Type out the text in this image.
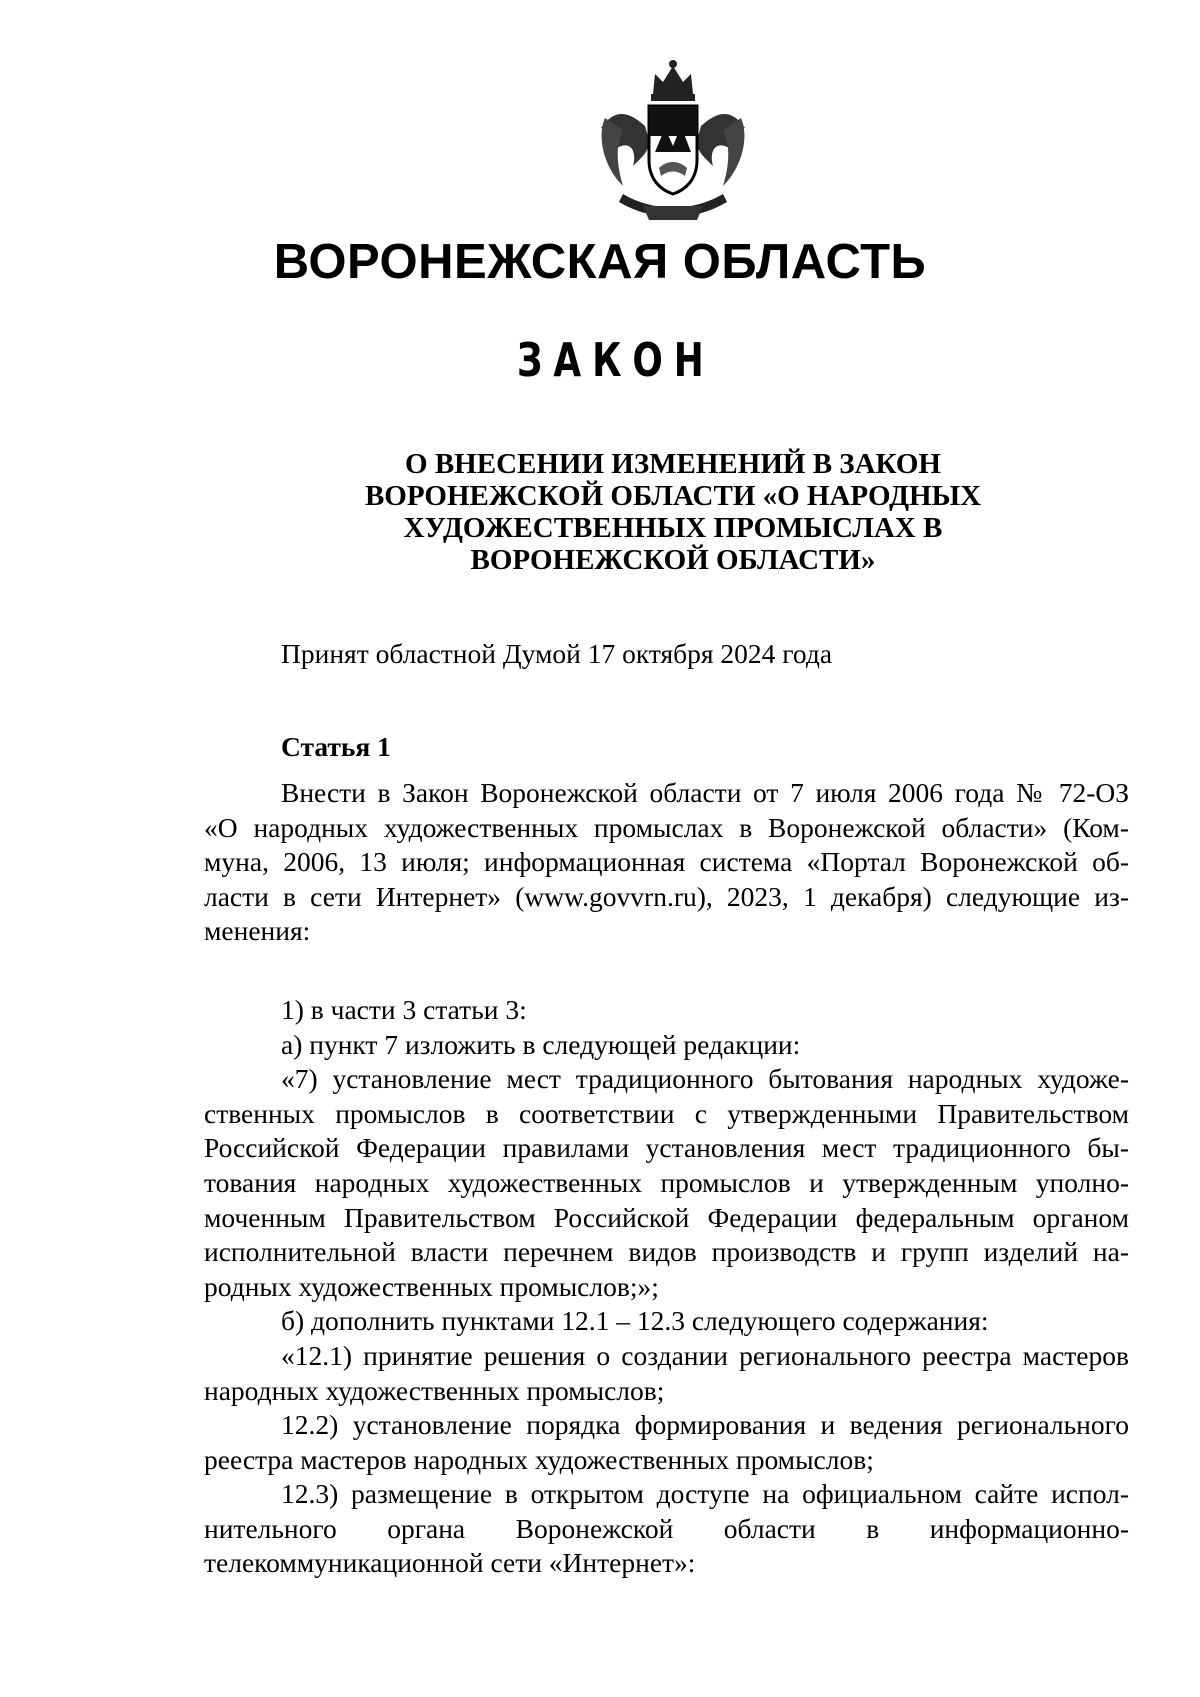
ВОРОНЕЖСКАЯ ОБЛАСТЬ
ЗАКОН
О ВНЕСЕНИИ ИЗМЕНЕНИЙ В ЗАКОН
ВОРОНЕЖСКОЙ ОБЛАСТИ «О НАРОДНЫХ
ХУДОЖЕСТВЕННЫХ ПРОМЫСЛАХ В
ВОРОНЕЖСКОЙ ОБЛАСТИ»
Принят областной Думой 17 октября 2024 года
Статья 1
Внести в Закон Воронежской области от 7 июля 2006 года № 72-ОЗ
«О народных художественных промыслах в Воронежской области» (Ком-
муна, 2006, 13 июля; информационная система «Портал Воронежской об-
ласти в сети Интернет» (www.govvrn.ru), 2023, 1 декабря) следующие из-
менения:
1) в части 3 статьи 3:
а) пункт 7 изложить в следующей редакции:
«7) установление мест традиционного бытования народных художе-
ственных промыслов в соответствии с утвержденными Правительством
Российской Федерации правилами установления мест традиционного бы-
тования народных художественных промыслов и утвержденным уполно-
моченным Правительством Российской Федерации федеральным органом
исполнительной власти перечнем видов производств и групп изделий на-
родных художественных промыслов;»;
б) дополнить пунктами 12.1 – 12.3 следующего содержания:
«12.1) принятие решения о создании регионального реестра мастеров
народных художественных промыслов;
12.2) установление порядка формирования и ведения регионального
реестра мастеров народных художественных промыслов;
12.3) размещение в открытом доступе на официальном сайте испол-
нительного органа Воронежской области в информационно-
телекоммуникационной сети «Интернет»:
